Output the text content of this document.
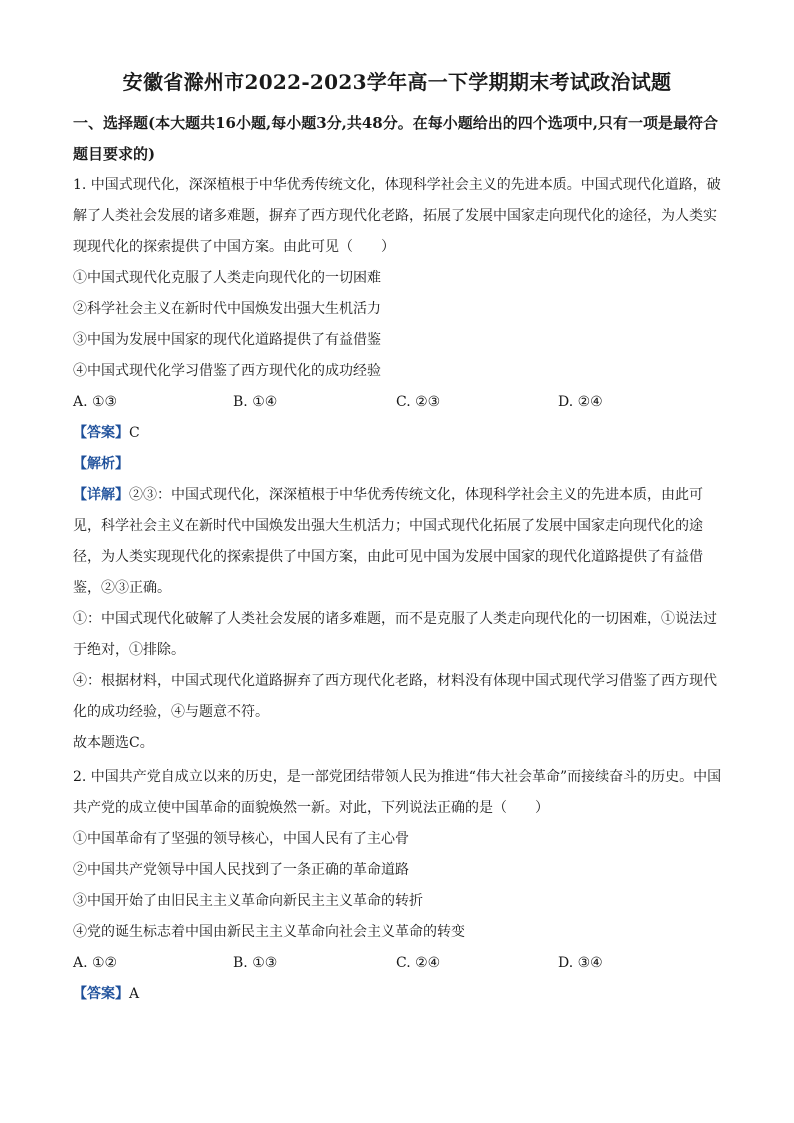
安徽省滁州市2022-2023学年高一下学期期末考试政治试题

一、选择题(本大题共16小题,每小题3分,共48分。在每小题给出的四个选项中,只有一项是最符合题目要求的)

1. 中国式现代化，深深植根于中华优秀传统文化，体现科学社会主义的先进本质。中国式现代化道路，破解了人类社会发展的诸多难题，摒弃了西方现代化老路，拓展了发展中国家走向现代化的途径，为人类实现现代化的探索提供了中国方案。由此可见（　　）

①中国式现代化克服了人类走向现代化的一切困难

②科学社会主义在新时代中国焕发出强大生机活力

③中国为发展中国家的现代化道路提供了有益借鉴

④中国式现代化学习借鉴了西方现代化的成功经验

A. ①③	B. ①④	C. ②③	D. ②④

【答案】C

【解析】

【详解】②③：中国式现代化，深深植根于中华优秀传统文化，体现科学社会主义的先进本质，由此可见，科学社会主义在新时代中国焕发出强大生机活力；中国式现代化拓展了发展中国家走向现代化的途径，为人类实现现代化的探索提供了中国方案，由此可见中国为发展中国家的现代化道路提供了有益借鉴，②③正确。

①：中国式现代化破解了人类社会发展的诸多难题，而不是克服了人类走向现代化的一切困难，①说法过于绝对，①排除。

④：根据材料，中国式现代化道路摒弃了西方现代化老路，材料没有体现中国式现代学习借鉴了西方现代化的成功经验，④与题意不符。

故本题选C。

2. 中国共产党自成立以来的历史，是一部党团结带领人民为推进“伟大社会革命”而接续奋斗的历史。中国共产党的成立使中国革命的面貌焕然一新。对此，下列说法正确的是（　　）

①中国革命有了坚强的领导核心，中国人民有了主心骨

②中国共产党领导中国人民找到了一条正确的革命道路

③中国开始了由旧民主主义革命向新民主主义革命的转折

④党的诞生标志着中国由新民主主义革命向社会主义革命的转变

A. ①②	B. ①③	C. ②④	D. ③④

【答案】A
